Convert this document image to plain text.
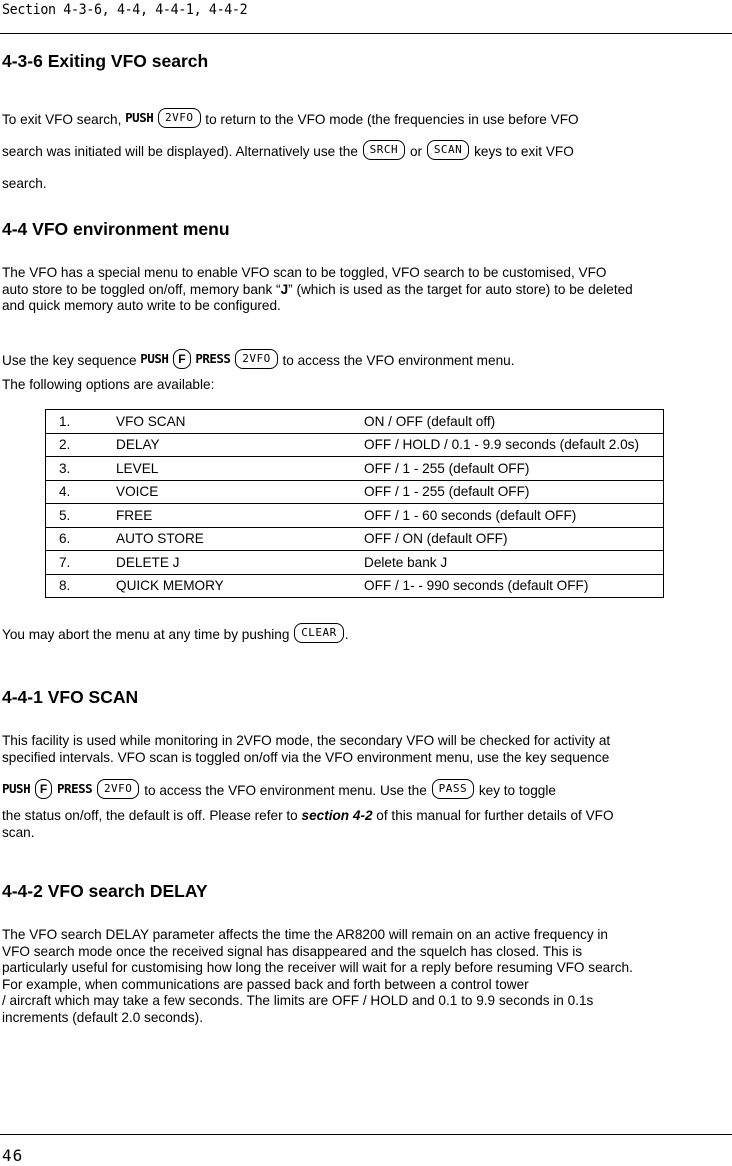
Section 4-3-6, 4-4, 4-4-1, 4-4-2
4-3-6 Exiting VFO search
To exit VFO search, PUSH 2VFO to return to the VFO mode (the frequencies in use before VFO
search was initiated will be displayed). Alternatively use the SRCH or SCAN keys to exit VFO
search.
4-4 VFO environment menu
The VFO has a special menu to enable VFO scan to be toggled, VFO search to be customised, VFO
auto store to be toggled on/off, memory bank “J” (which is used as the target for auto store) to be deleted
and quick memory auto write to be configured.
Use the key sequence PUSH F PRESS 2VFO to access the VFO environment menu.
The following options are available:
1.	VFO SCAN	ON / OFF (default off)
2.	DELAY	OFF / HOLD / 0.1 - 9.9 seconds (default 2.0s)
3.	LEVEL	OFF / 1 - 255 (default OFF)
4.	VOICE	OFF / 1 - 255 (default OFF)
5.	FREE	OFF / 1 - 60 seconds (default OFF)
6.	AUTO STORE	OFF / ON (default OFF)
7.	DELETE J	Delete bank J
8.	QUICK MEMORY	OFF / 1- - 990 seconds (default OFF)
You may abort the menu at any time by pushing CLEAR .
4-4-1 VFO SCAN
This facility is used while monitoring in 2VFO mode, the secondary VFO will be checked for activity at
specified intervals. VFO scan is toggled on/off via the VFO environment menu, use the key sequence
PUSH F PRESS 2VFO to access the VFO environment menu. Use the PASS key to toggle
the status on/off, the default is off. Please refer to section 4-2 of this manual for further details of VFO
scan.
4-4-2 VFO search DELAY
The VFO search DELAY parameter affects the time the AR8200 will remain on an active frequency in
VFO search mode once the received signal has disappeared and the squelch has closed. This is
particularly useful for customising how long the receiver will wait for a reply before resuming VFO search.
For example, when communications are passed back and forth between a control tower
/ aircraft which may take a few seconds. The limits are OFF / HOLD and 0.1 to 9.9 seconds in 0.1s
increments (default 2.0 seconds).
46
